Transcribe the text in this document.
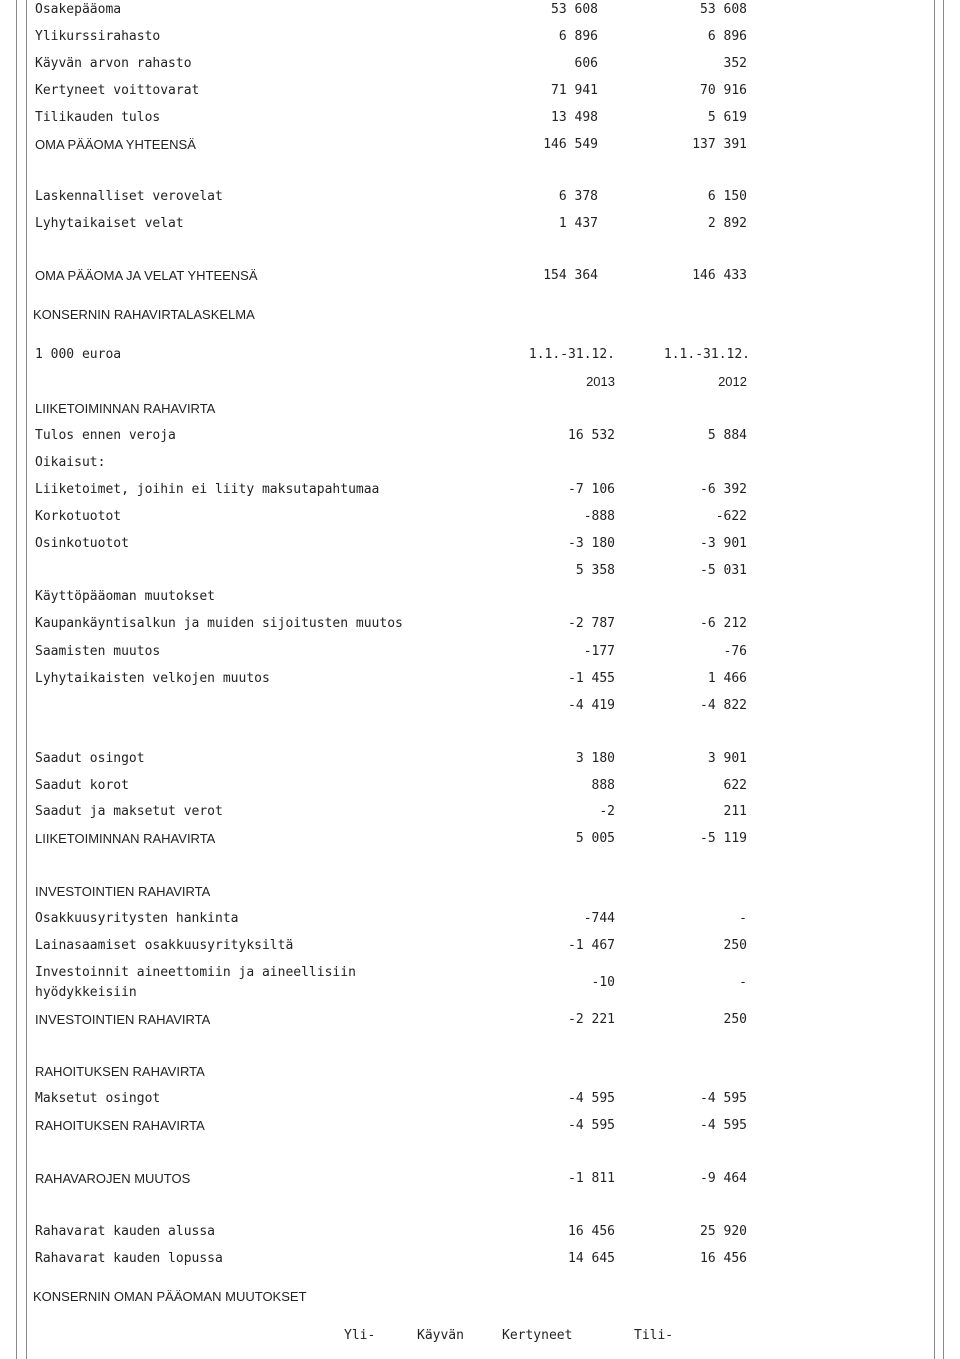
Osakepääoma	53 608	53 608
Ylikurssirahasto	6 896	6 896
Käyvän arvon rahasto	606	352
Kertyneet voittovarat	71 941	70 916
Tilikauden tulos	13 498	5 619
OMA PÄÄOMA YHTEENSÄ	146 549	137 391
Laskennalliset verovelat	6 378	6 150
Lyhytaikaiset velat	1 437	2 892
OMA PÄÄOMA JA VELAT YHTEENSÄ	154 364	146 433
KONSERNIN RAHAVIRTALASKELMA
1 000 euroa	1.1.-31.12.	1.1.-31.12.
2013	2012
LIIKETOIMINNAN RAHAVIRTA
Tulos ennen veroja	16 532	5 884
Oikaisut:
Liiketoimet, joihin ei liity maksutapahtumaa	-7 106	-6 392
Korkotuotot	-888	-622
Osinkotuotot	-3 180	-3 901
5 358	-5 031
Käyttöpääoman muutokset
Kaupankäyntisalkun ja muiden sijoitusten muutos	-2 787	-6 212
Saamisten muutos	-177	-76
Lyhytaikaisten velkojen muutos	-1 455	1 466
-4 419	-4 822
Saadut osingot	3 180	3 901
Saadut korot	888	622
Saadut ja maksetut verot	-2	211
LIIKETOIMINNAN RAHAVIRTA	5 005	-5 119
INVESTOINTIEN RAHAVIRTA
Osakkuusyritysten hankinta	-744	-
Lainasaamiset osakkuusyrityksiltä	-1 467	250
Investoinnit aineettomiin ja aineellisiin
hyödykkeisiin
-10	-
INVESTOINTIEN RAHAVIRTA	-2 221	250
RAHOITUKSEN RAHAVIRTA
Maksetut osingot	-4 595	-4 595
RAHOITUKSEN RAHAVIRTA	-4 595	-4 595
RAHAVAROJEN MUUTOS	-1 811	-9 464
Rahavarat kauden alussa	16 456	25 920
Rahavarat kauden lopussa	14 645	16 456
KONSERNIN OMAN PÄÄOMAN MUUTOKSET
Yli-	Käyvän	Kertyneet	Tili-
